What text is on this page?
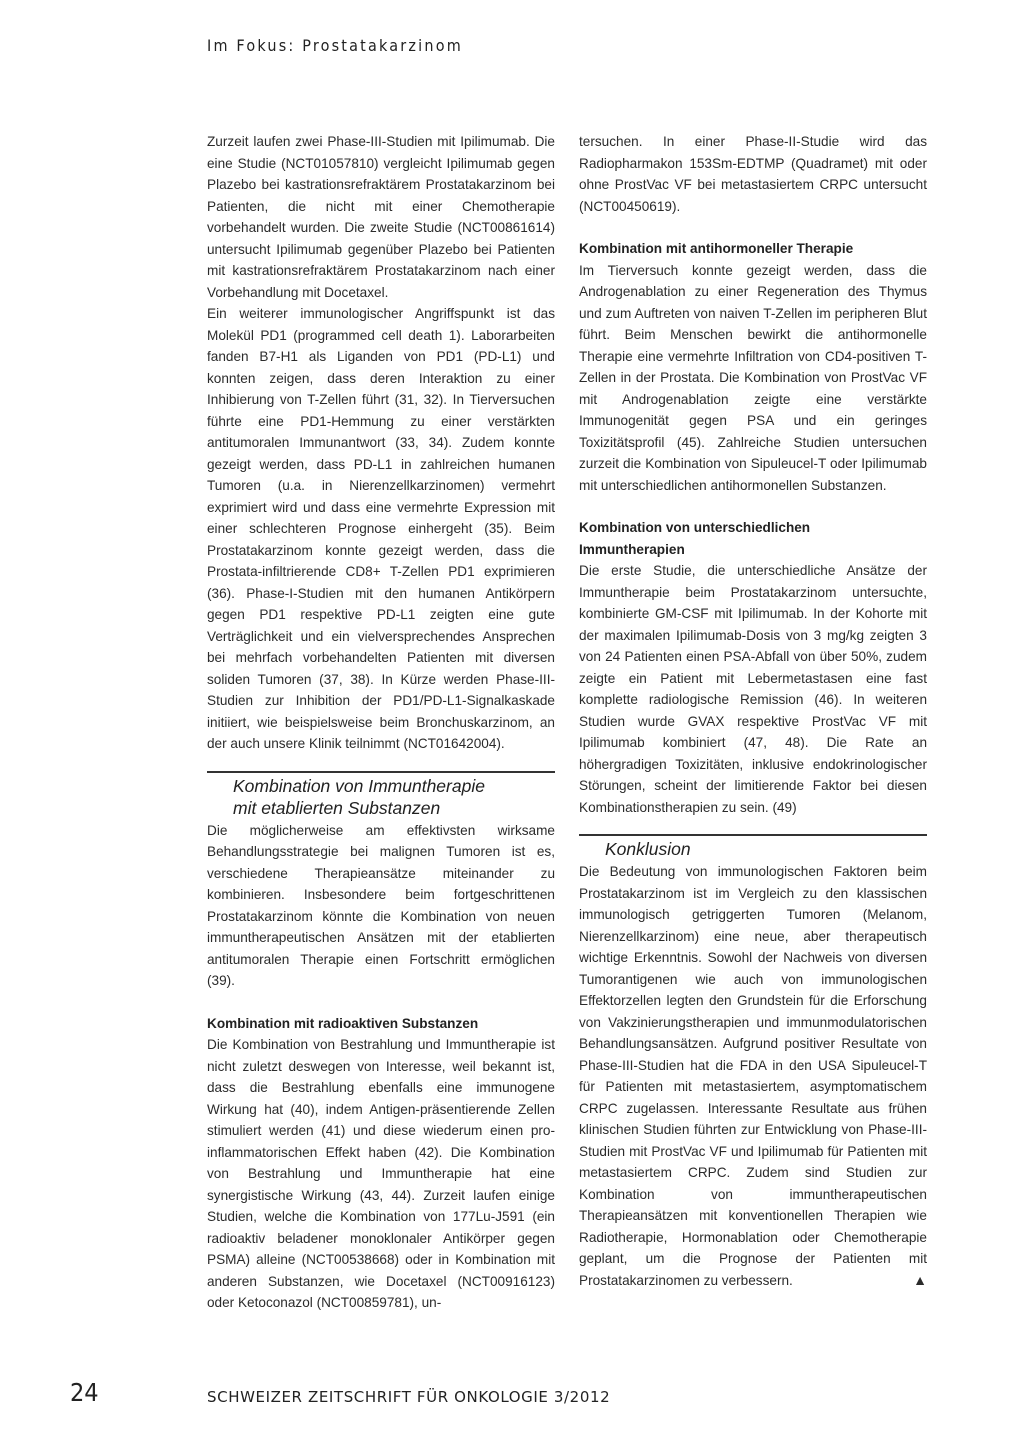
Im Fokus: Prostatakarzinom

Zurzeit laufen zwei Phase-III-Studien mit Ipilimumab. Die eine Studie (NCT01057810) vergleicht Ipilimumab gegen Plazebo bei kastrationsrefraktärem Prostatakarzinom bei Patienten, die nicht mit einer Chemotherapie vorbehandelt wurden. Die zweite Studie (NCT00861614) untersucht Ipilimumab gegenüber Plazebo bei Patienten mit kastrationsrefraktärem Prostatakarzinom nach einer Vorbehandlung mit Docetaxel.

Ein weiterer immunologischer Angriffspunkt ist das Molekül PD1 (programmed cell death 1). Laborarbeiten fanden B7-H1 als Liganden von PD1 (PD-L1) und konnten zeigen, dass deren Interaktion zu einer Inhibierung von T-Zellen führt (31, 32). In Tierversuchen führte eine PD1-Hemmung zu einer verstärkten antitumoralen Immunantwort (33, 34). Zudem konnte gezeigt werden, dass PD-L1 in zahlreichen humanen Tumoren (u.a. in Nierenzellkarzinomen) vermehrt exprimiert wird und dass eine vermehrte Expression mit einer schlechteren Prognose einhergeht (35). Beim Prostatakarzinom konnte gezeigt werden, dass die Prostata-infiltrierende CD8+ T-Zellen PD1 exprimieren (36). Phase-I-Studien mit den humanen Antikörpern gegen PD1 respektive PD-L1 zeigten eine gute Verträglichkeit und ein vielversprechendes Ansprechen bei mehrfach vorbehandelten Patienten mit diversen soliden Tumoren (37, 38). In Kürze werden Phase-III-Studien zur Inhibition der PD1/PD-L1-Signalkaskade initiiert, wie beispielsweise beim Bronchuskarzinom, an der auch unsere Klinik teilnimmt (NCT01642004).

Kombination von Immuntherapie
mit etablierten Substanzen

Die möglicherweise am effektivsten wirksame Behandlungsstrategie bei malignen Tumoren ist es, verschiedene Therapieansätze miteinander zu kombinieren. Insbesondere beim fortgeschrittenen Prostatakarzinom könnte die Kombination von neuen immuntherapeutischen Ansätzen mit der etablierten antitumoralen Therapie einen Fortschritt ermöglichen (39).

Kombination mit radioaktiven Substanzen

Die Kombination von Bestrahlung und Immuntherapie ist nicht zuletzt deswegen von Interesse, weil bekannt ist, dass die Bestrahlung ebenfalls eine immunogene Wirkung hat (40), indem Antigen-präsentierende Zellen stimuliert werden (41) und diese wiederum einen pro-inflammatorischen Effekt haben (42). Die Kombination von Bestrahlung und Immuntherapie hat eine synergistische Wirkung (43, 44). Zurzeit laufen einige Studien, welche die Kombination von 177Lu-J591 (ein radioaktiv beladener monoklonaler Antikörper gegen PSMA) alleine (NCT00538668) oder in Kombination mit anderen Substanzen, wie Docetaxel (NCT00916123) oder Ketoconazol (NCT00859781), un-

tersuchen. In einer Phase-II-Studie wird das Radiopharmakon 153Sm-EDTMP (Quadramet) mit oder ohne ProstVac VF bei metastasiertem CRPC untersucht (NCT00450619).

Kombination mit antihormoneller Therapie

Im Tierversuch konnte gezeigt werden, dass die Androgenablation zu einer Regeneration des Thymus und zum Auftreten von naiven T-Zellen im peripheren Blut führt. Beim Menschen bewirkt die antihormonelle Therapie eine vermehrte Infiltration von CD4-positiven T-Zellen in der Prostata. Die Kombination von ProstVac VF mit Androgenablation zeigte eine verstärkte Immunogenität gegen PSA und ein geringes Toxizitätsprofil (45). Zahlreiche Studien untersuchen zurzeit die Kombination von Sipuleucel-T oder Ipilimumab mit unterschiedlichen antihormonellen Substanzen.

Kombination von unterschiedlichen
Immuntherapien

Die erste Studie, die unterschiedliche Ansätze der Immuntherapie beim Prostatakarzinom untersuchte, kombinierte GM-CSF mit Ipilimumab. In der Kohorte mit der maximalen Ipilimumab-Dosis von 3 mg/kg zeigten 3 von 24 Patienten einen PSA-Abfall von über 50%, zudem zeigte ein Patient mit Lebermetastasen eine fast komplette radiologische Remission (46). In weiteren Studien wurde GVAX respektive ProstVac VF mit Ipilimumab kombiniert (47, 48). Die Rate an höhergradigen Toxizitäten, inklusive endokrinologischer Störungen, scheint der limitierende Faktor bei diesen Kombinationstherapien zu sein. (49)

Konklusion

Die Bedeutung von immunologischen Faktoren beim Prostatakarzinom ist im Vergleich zu den klassischen immunologisch getriggerten Tumoren (Melanom, Nierenzellkarzinom) eine neue, aber therapeutisch wichtige Erkenntnis. Sowohl der Nachweis von diversen Tumorantigenen wie auch von immunologischen Effektorzellen legten den Grundstein für die Erforschung von Vakzinierungstherapien und immunmodulatorischen Behandlungsansätzen. Aufgrund positiver Resultate von Phase-III-Studien hat die FDA in den USA Sipuleucel-T für Patienten mit metastasiertem, asymptomatischem CRPC zugelassen. Interessante Resultate aus frühen klinischen Studien führten zur Entwicklung von Phase-III-Studien mit ProstVac VF und Ipilimumab für Patienten mit metastasiertem CRPC. Zudem sind Studien zur Kombination von immuntherapeutischen Therapieansätzen mit konventionellen Therapien wie Radiotherapie, Hormonablation oder Chemotherapie geplant, um die Prognose der Patienten mit Prostatakarzinomen zu verbessern.	▲

24	SCHWEIZER ZEITSCHRIFT FÜR ONKOLOGIE 3/2012
